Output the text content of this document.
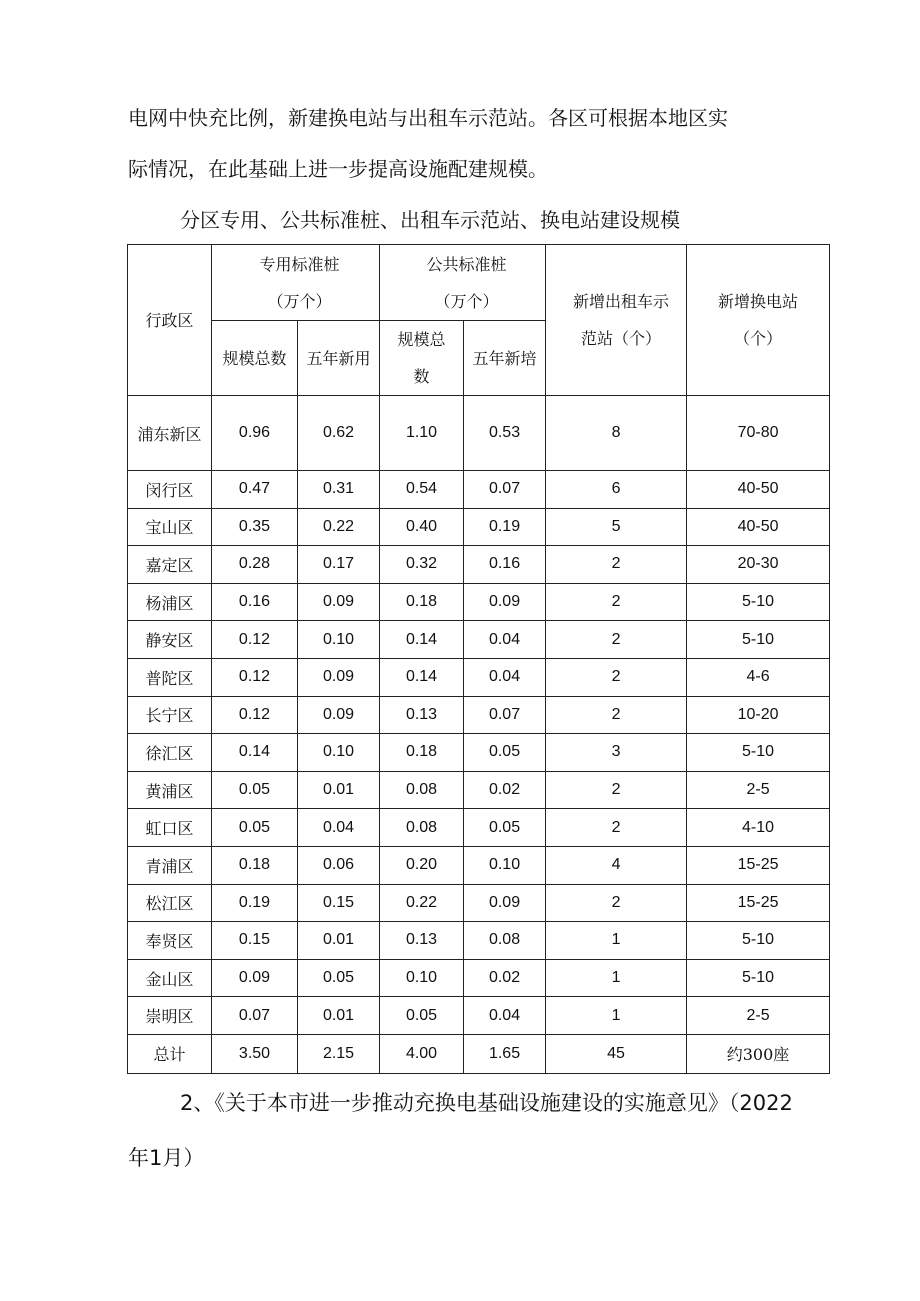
电网中快充比例，新建换电站与出租车示范站。各区可根据本地区实
际情况，在此基础上进一步提高设施配建规模。
分区专用、公共标准桩、出租车示范站、换电站建设规模
行政区	专用标准桩（万个）		公共标准桩（万个）		新增出租车示范站（个）	新增换电站（个）
	规模总数	五年新用	规模总数	五年新培		
浦东新区	0.96	0.62	1.10	0.53	8	70-80
闵行区	0.47	0.31	0.54	0.07	6	40-50
宝山区	0.35	0.22	0.40	0.19	5	40-50
嘉定区	0.28	0.17	0.32	0.16	2	20-30
杨浦区	0.16	0.09	0.18	0.09	2	5-10
静安区	0.12	0.10	0.14	0.04	2	5-10
普陀区	0.12	0.09	0.14	0.04	2	4-6
长宁区	0.12	0.09	0.13	0.07	2	10-20
徐汇区	0.14	0.10	0.18	0.05	3	5-10
黄浦区	0.05	0.01	0.08	0.02	2	2-5
虹口区	0.05	0.04	0.08	0.05	2	4-10
青浦区	0.18	0.06	0.20	0.10	4	15-25
松江区	0.19	0.15	0.22	0.09	2	15-25
奉贤区	0.15	0.01	0.13	0.08	1	5-10
金山区	0.09	0.05	0.10	0.02	1	5-10
崇明区	0.07	0.01	0.05	0.04	1	2-5
总计	3.50	2.15	4.00	1.65	45	约300座
2、《关于本市进一步推动充换电基础设施建设的实施意见》（2022
年1月）
